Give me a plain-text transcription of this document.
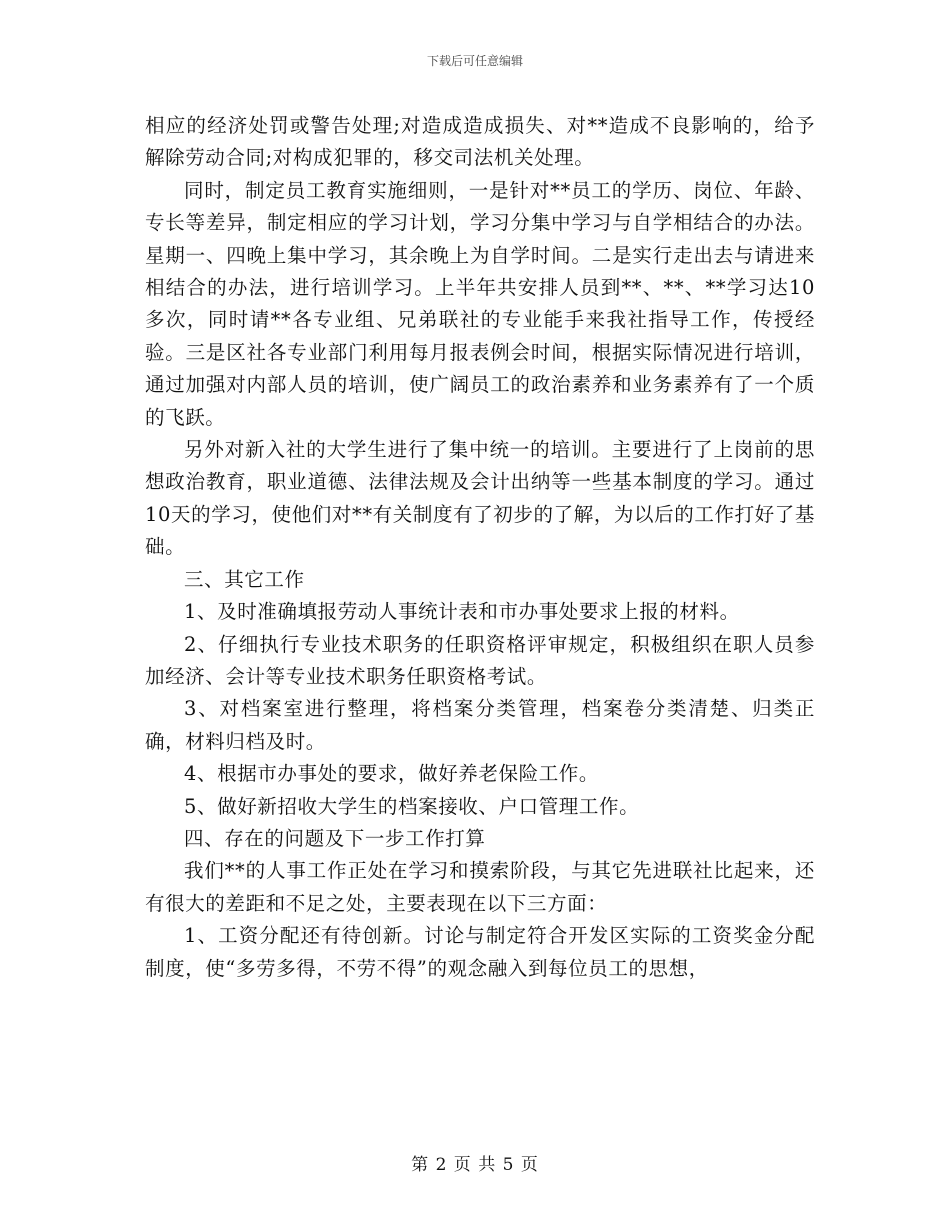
下载后可任意编辑

相应的经济处罚或警告处理;对造成造成损失、对**造成不良影响的，给予解除劳动合同;对构成犯罪的，移交司法机关处理。

同时，制定员工教育实施细则，一是针对**员工的学历、岗位、年龄、专长等差异，制定相应的学习计划，学习分集中学习与自学相结合的办法。星期一、四晚上集中学习，其余晚上为自学时间。二是实行走出去与请进来相结合的办法，进行培训学习。上半年共安排人员到**、**、**学习达10多次，同时请**各专业组、兄弟联社的专业能手来我社指导工作，传授经验。三是区社各专业部门利用每月报表例会时间，根据实际情况进行培训，通过加强对内部人员的培训，使广阔员工的政治素养和业务素养有了一个质的飞跃。

另外对新入社的大学生进行了集中统一的培训。主要进行了上岗前的思想政治教育，职业道德、法律法规及会计出纳等一些基本制度的学习。通过10天的学习，使他们对**有关制度有了初步的了解，为以后的工作打好了基础。

三、其它工作

1、及时准确填报劳动人事统计表和市办事处要求上报的材料。

2、仔细执行专业技术职务的任职资格评审规定，积极组织在职人员参加经济、会计等专业技术职务任职资格考试。

3、对档案室进行整理，将档案分类管理，档案卷分类清楚、归类正确，材料归档及时。

4、根据市办事处的要求，做好养老保险工作。

5、做好新招收大学生的档案接收、户口管理工作。

四、存在的问题及下一步工作打算

我们**的人事工作正处在学习和摸索阶段，与其它先进联社比起来，还有很大的差距和不足之处，主要表现在以下三方面：

1、工资分配还有待创新。讨论与制定符合开发区实际的工资奖金分配制度，使“多劳多得，不劳不得”的观念融入到每位员工的思想，

第 2 页 共 5 页
